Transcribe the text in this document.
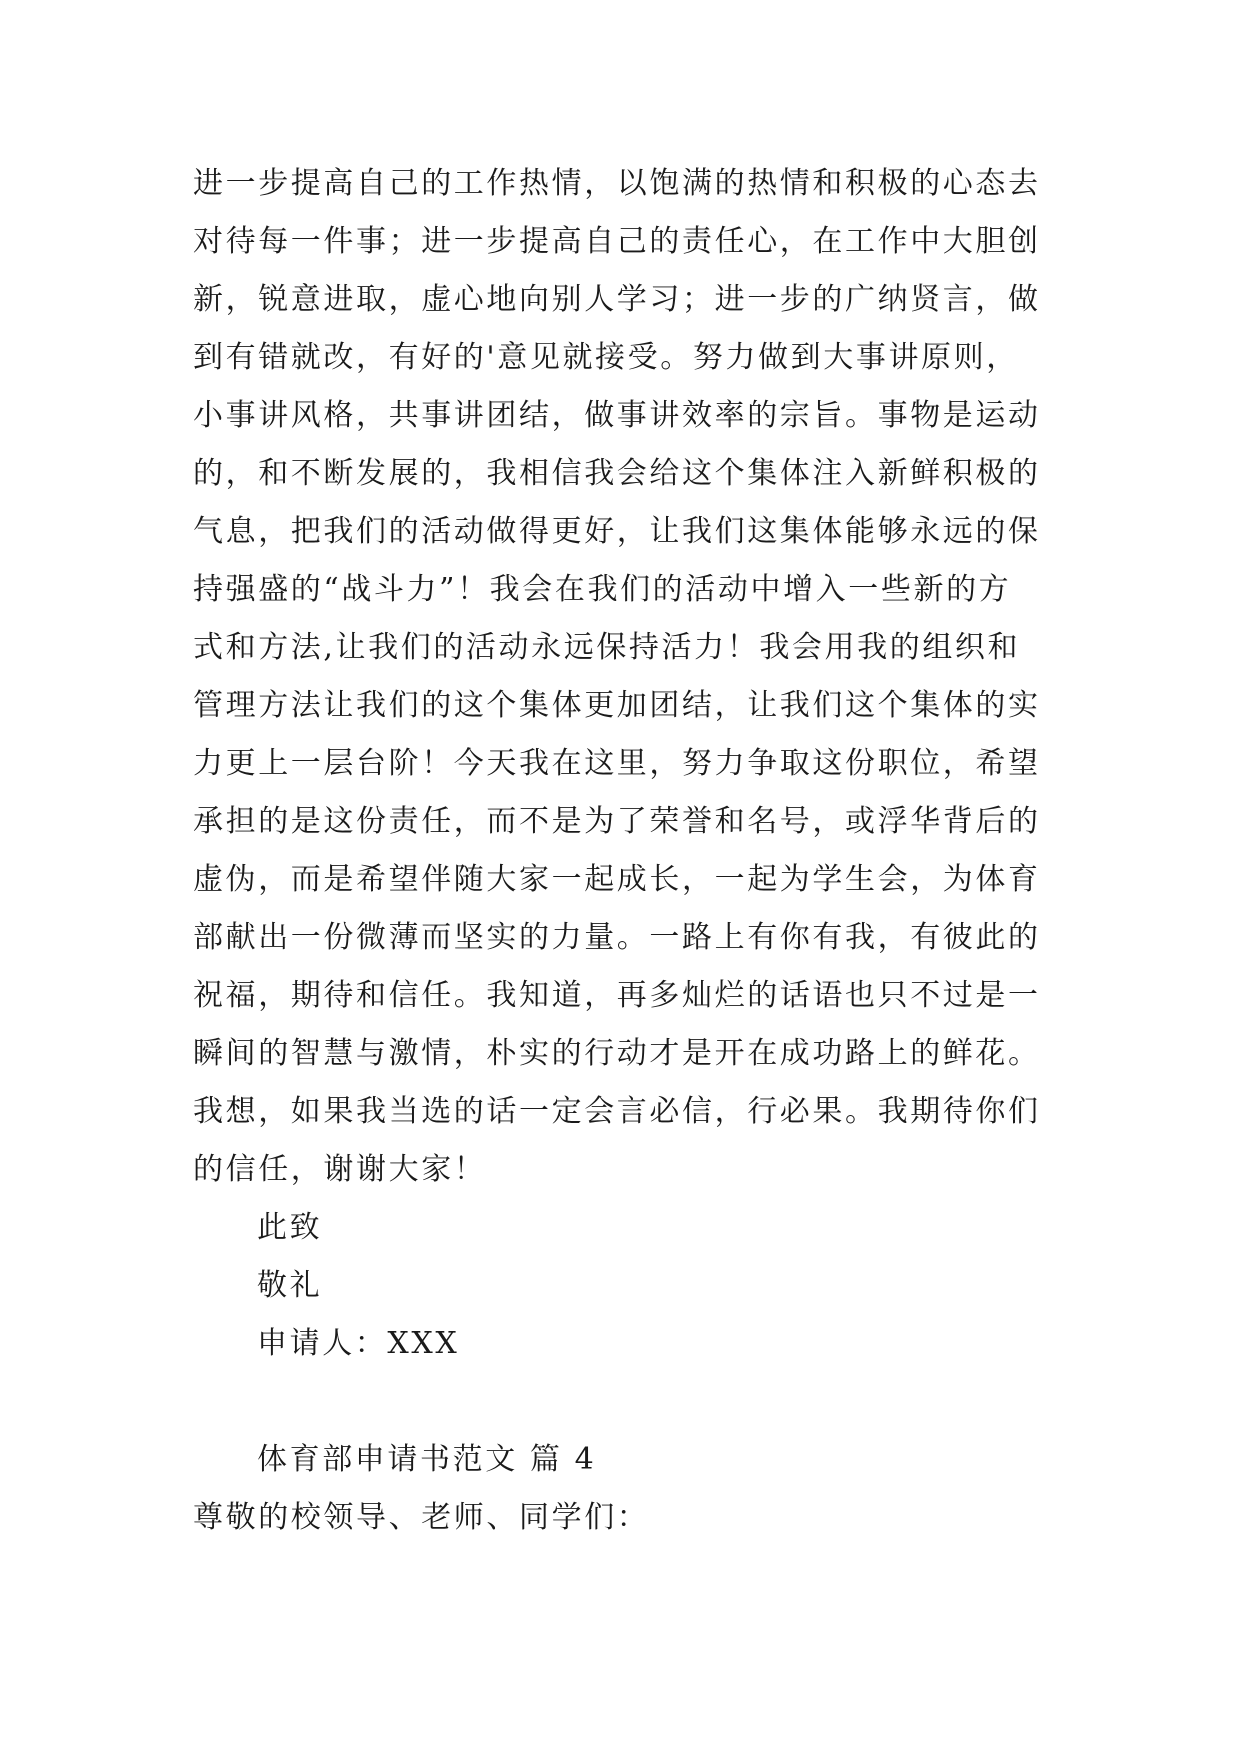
进一步提高自己的工作热情，以饱满的热情和积极的心态去
对待每一件事；进一步提高自己的责任心，在工作中大胆创
新，锐意进取，虚心地向别人学习；进一步的广纳贤言，做
到有错就改，有好的'意见就接受。努力做到大事讲原则，
小事讲风格，共事讲团结，做事讲效率的宗旨。事物是运动
的，和不断发展的，我相信我会给这个集体注入新鲜积极的
气息，把我们的活动做得更好，让我们这集体能够永远的保
持强盛的“战斗力”！我会在我们的活动中增入一些新的方
式和方法,让我们的活动永远保持活力！我会用我的组织和
管理方法让我们的这个集体更加团结，让我们这个集体的实
力更上一层台阶！今天我在这里，努力争取这份职位，希望
承担的是这份责任，而不是为了荣誉和名号，或浮华背后的
虚伪，而是希望伴随大家一起成长，一起为学生会，为体育
部献出一份微薄而坚实的力量。一路上有你有我，有彼此的
祝福，期待和信任。我知道，再多灿烂的话语也只不过是一
瞬间的智慧与激情，朴实的行动才是开在成功路上的鲜花。
我想，如果我当选的话一定会言必信，行必果。我期待你们
的信任，谢谢大家！
此致
敬礼
申请人：XXX
体育部申请书范文 篇 4
尊敬的校领导、老师、同学们：
